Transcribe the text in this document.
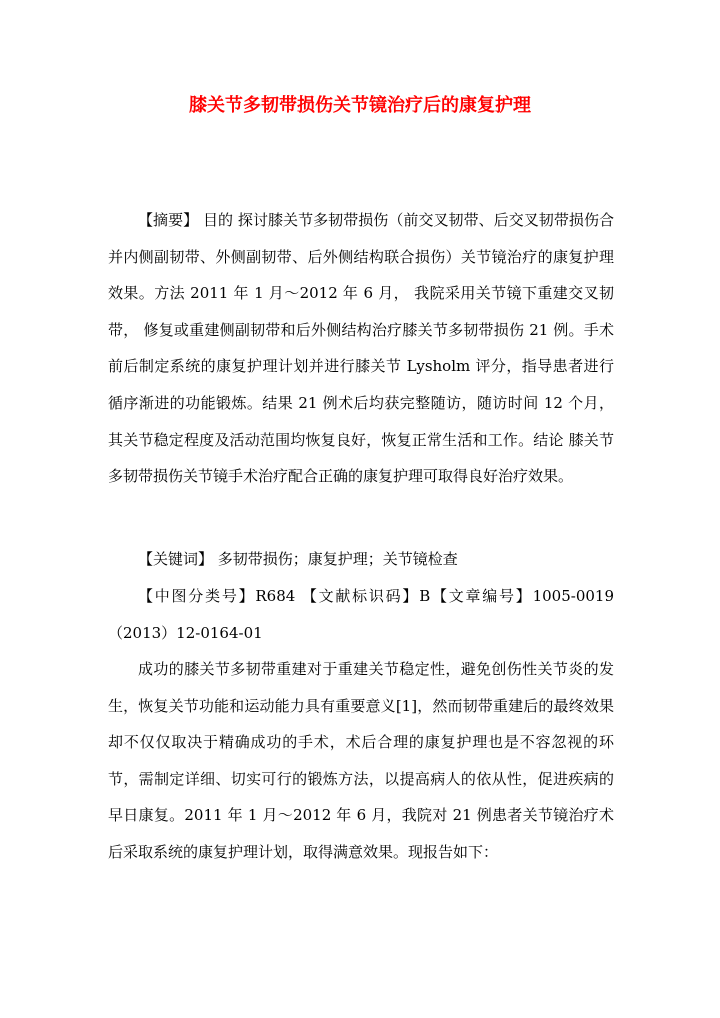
膝关节多韧带损伤关节镜治疗后的康复护理

【摘要】 目的 探讨膝关节多韧带损伤（前交叉韧带、后交叉韧带损伤合并内侧副韧带、外侧副韧带、后外侧结构联合损伤）关节镜治疗的康复护理效果。方法 2011 年 1 月～2012 年 6 月， 我院采用关节镜下重建交叉韧带， 修复或重建侧副韧带和后外侧结构治疗膝关节多韧带损伤 21 例。手术前后制定系统的康复护理计划并进行膝关节 Lysholm 评分，指导患者进行循序渐进的功能锻炼。结果 21 例术后均获完整随访，随访时间 12 个月，其关节稳定程度及活动范围均恢复良好，恢复正常生活和工作。结论 膝关节多韧带损伤关节镜手术治疗配合正确的康复护理可取得良好治疗效果。

【关键词】 多韧带损伤；康复护理；关节镜检查

【中图分类号】R684 【文献标识码】B【文章编号】1005-0019（2013）12-0164-01

成功的膝关节多韧带重建对于重建关节稳定性，避免创伤性关节炎的发生，恢复关节功能和运动能力具有重要意义[1]，然而韧带重建后的最终效果却不仅仅取决于精确成功的手术，术后合理的康复护理也是不容忽视的环节，需制定详细、切实可行的锻炼方法，以提高病人的依从性，促进疾病的早日康复。2011 年 1 月～2012 年 6 月，我院对 21 例患者关节镜治疗术后采取系统的康复护理计划，取得满意效果。现报告如下：
